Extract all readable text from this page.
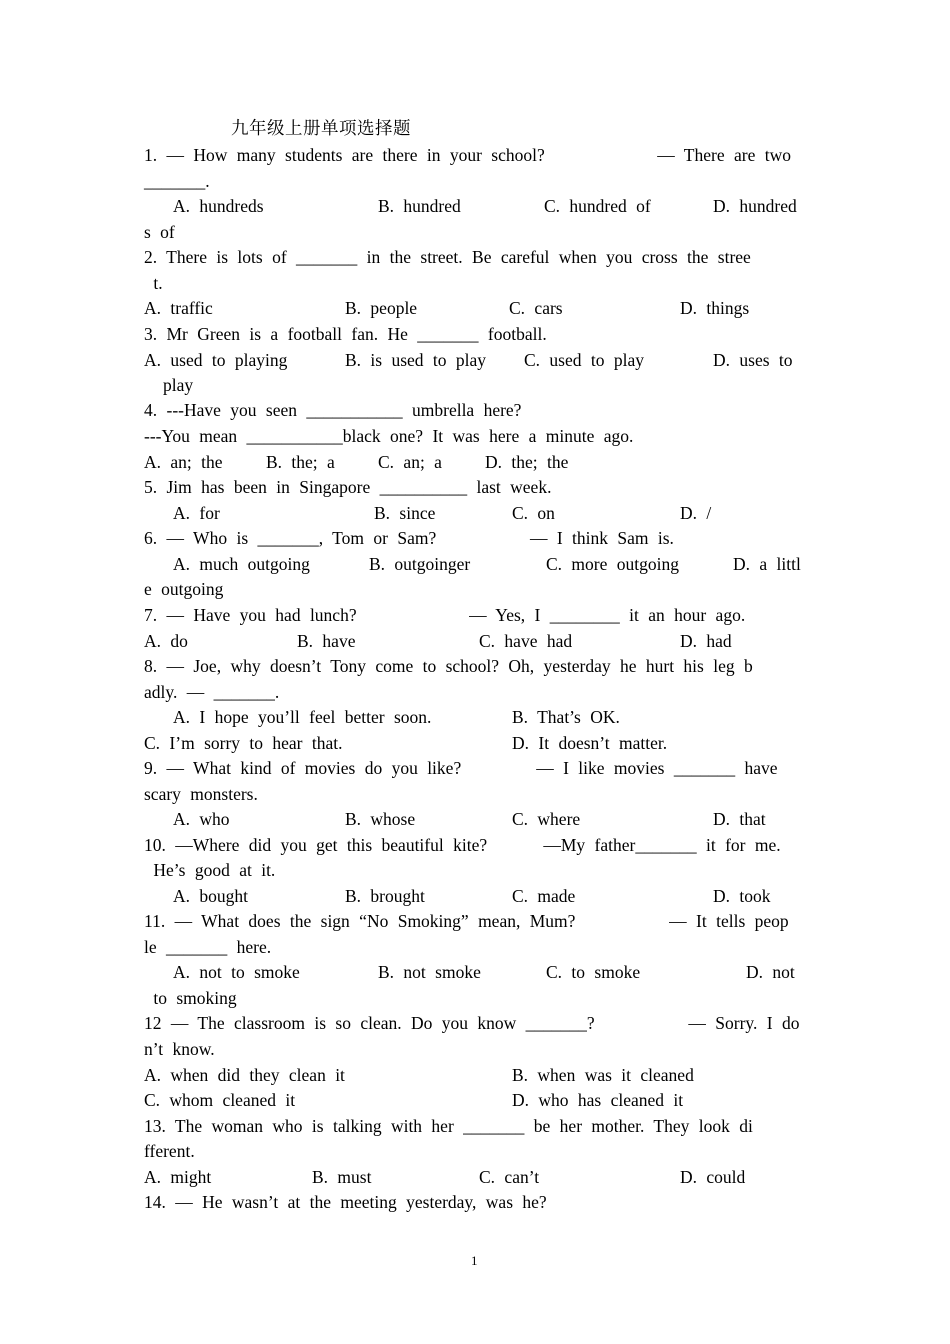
九年级上册单项选择题
1. — How many students are there in your school?            — There are two
_______.
A. hundreds	B. hundred	C. hundred of	D. hundred
s of
2. There is lots of _______ in the street. Be careful when you cross the stree
t.
A. traffic	B. people	C. cars	D. things
3. Mr Green is a football fan. He _______ football.
A. used to playing	B. is used to play C. used to play	D. uses to
play
4. ---Have you seen ___________ umbrella here?
---You mean ___________black one? It was here a minute ago.
A. an; the B. the; a C. an; a D. the; the
5. Jim has been in Singapore __________ last week.
A. for	B. since	C. on	D. /
6. — Who is _______, Tom or Sam?          — I think Sam is.
A. much outgoing	B. outgoinger	C. more outgoing	D. a littl
e outgoing
7. — Have you had lunch?            — Yes, I ________ it an hour ago.
A. do	B. have	C. have had	D. had
8. — Joe, why doesn’t Tony come to school? Oh, yesterday he hurt his leg b
adly. — _______.
A. I hope you’ll feel better soon.	B. That’s OK.
C. I’m sorry to hear that.	D. It doesn’t matter.
9. — What kind of movies do you like?        — I like movies _______ have
scary monsters.
A. who	B. whose	C. where	D. that
10. —Where did you get this beautiful kite?      —My father_______ it for me.
He’s good at it.
A. bought	B. brought	C. made	D. took
11. — What does the sign “No Smoking” mean, Mum?          — It tells peop
le _______ here.
A. not to smoke	B. not smoke	C. to smoke	D. not
to smoking
12 — The classroom is so clean. Do you know _______?          — Sorry. I do
n’t know.
A. when did they clean it	B. when was it cleaned
C. whom cleaned it	D. who has cleaned it
13. The woman who is talking with her _______ be her mother. They look di
fferent.
A. might	B. must	C. can’t	D. could
14. — He wasn’t at the meeting yesterday, was he?
1
